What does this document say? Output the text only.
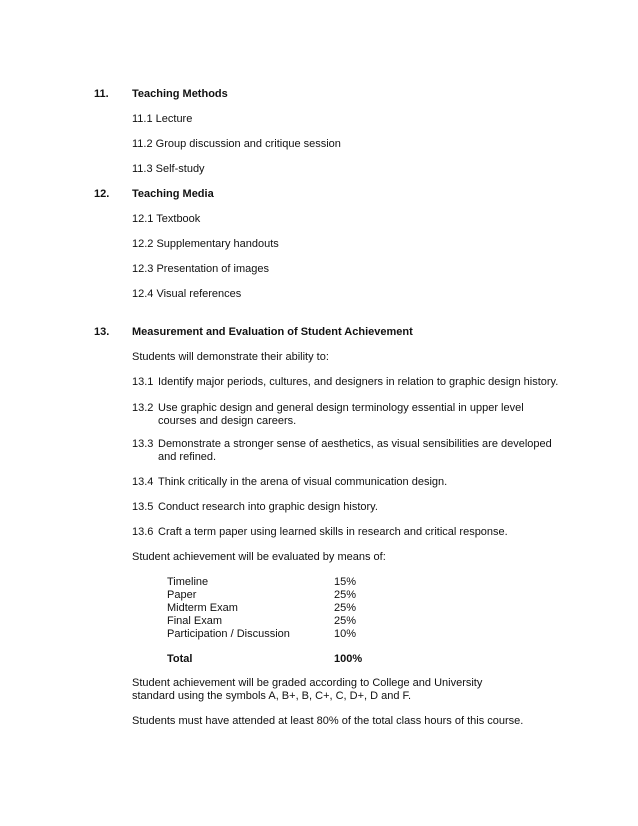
11. Teaching Methods
11.1 Lecture
11.2 Group discussion and critique session
11.3 Self-study
12. Teaching Media
12.1 Textbook
12.2 Supplementary handouts
12.3 Presentation of images
12.4 Visual references
13. Measurement and Evaluation of Student Achievement
Students will demonstrate their ability to:
13.1 Identify major periods, cultures, and designers in relation to graphic design history.
13.2 Use graphic design and general design terminology essential in upper level
courses and design careers.
13.3 Demonstrate a stronger sense of aesthetics, as visual sensibilities are developed
and refined.
13.4 Think critically in the arena of visual communication design.
13.5 Conduct research into graphic design history.
13.6 Craft a term paper using learned skills in research and critical response.
Student achievement will be evaluated by means of:
Timeline	15%
Paper	25%
Midterm Exam	25%
Final Exam	25%
Participation / Discussion	10%
Total	100%
Student achievement will be graded according to College and University
standard using the symbols A, B+, B, C+, C, D+, D and F.
Students must have attended at least 80% of the total class hours of this course.
